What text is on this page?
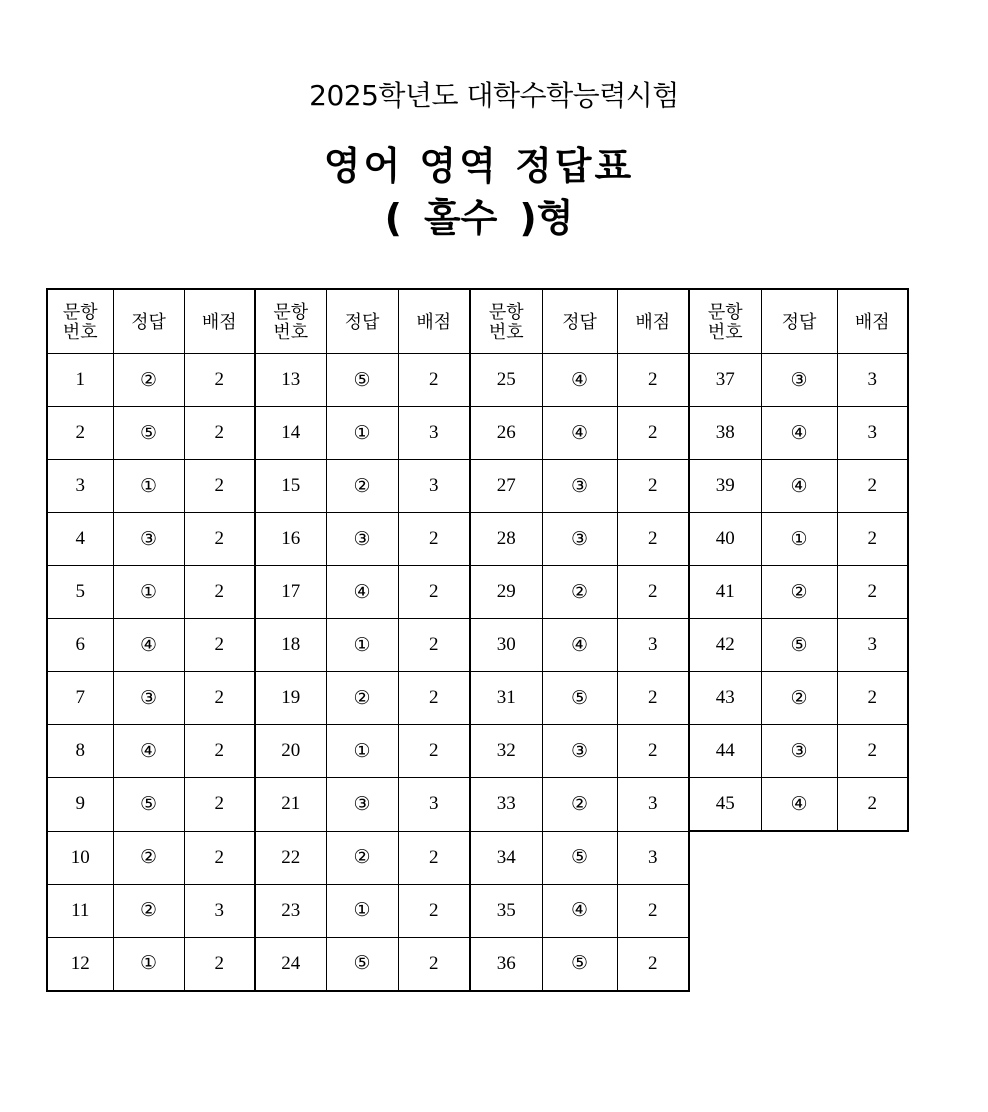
2025학년도 대학수학능력시험
영어 영역 정답표
( 홀수 )형
문항
번호	정답	배점	문항
번호	정답	배점	문항
번호	정답	배점	문항
번호	정답	배점
1	②	2	13	⑤	2	25	④	2	37	③	3
2	⑤	2	14	①	3	26	④	2	38	④	3
3	①	2	15	②	3	27	③	2	39	④	2
4	③	2	16	③	2	28	③	2	40	①	2
5	①	2	17	④	2	29	②	2	41	②	2
6	④	2	18	①	2	30	④	3	42	⑤	3
7	③	2	19	②	2	31	⑤	2	43	②	2
8	④	2	20	①	2	32	③	2	44	③	2
9	⑤	2	21	③	3	33	②	3	45	④	2
10	②	2	22	②	2	34	⑤	3			
11	②	3	23	①	2	35	④	2			
12	①	2	24	⑤	2	36	⑤	2			
